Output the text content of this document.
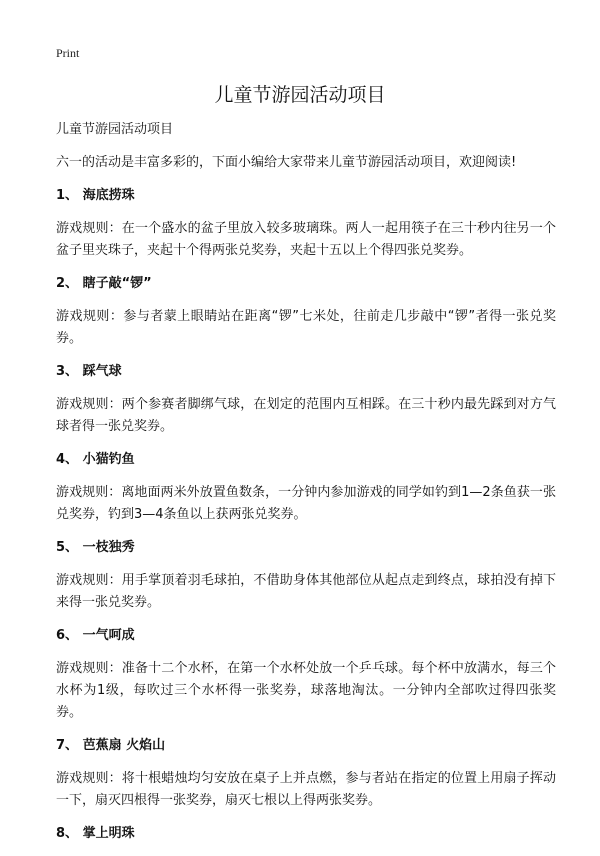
Print
儿童节游园活动项目

儿童节游园活动项目

六一的活动是丰富多彩的，下面小编给大家带来儿童节游园活动项目，欢迎阅读!

1、 海底捞珠

游戏规则：在一个盛水的盆子里放入较多玻璃珠。两人一起用筷子在三十秒内往另一个盆子里夹珠子，夹起十个得两张兑奖券，夹起十五以上个得四张兑奖券。

2、 瞎子敲“锣”

游戏规则：参与者蒙上眼睛站在距离“锣”七米处，往前走几步敲中“锣”者得一张兑奖券。

3、 踩气球

游戏规则：两个参赛者脚绑气球，在划定的范围内互相踩。在三十秒内最先踩到对方气球者得一张兑奖券。

4、 小猫钓鱼

游戏规则：离地面两米外放置鱼数条，一分钟内参加游戏的同学如钓到1—2条鱼获一张兑奖券，钓到3—4条鱼以上获两张兑奖券。

5、 一枝独秀

游戏规则：用手掌顶着羽毛球拍，不借助身体其他部位从起点走到终点，球拍没有掉下来得一张兑奖券。

6、 一气呵成

游戏规则：准备十二个水杯，在第一个水杯处放一个乒乓球。每个杯中放满水，每三个水杯为1级，每吹过三个水杯得一张奖券，球落地淘汰。一分钟内全部吹过得四张奖券。

7、 芭蕉扇 火焰山

游戏规则：将十根蜡烛均匀安放在桌子上并点燃，参与者站在指定的位置上用扇子挥动一下，扇灭四根得一张奖券，扇灭七根以上得两张奖券。

8、 掌上明珠
